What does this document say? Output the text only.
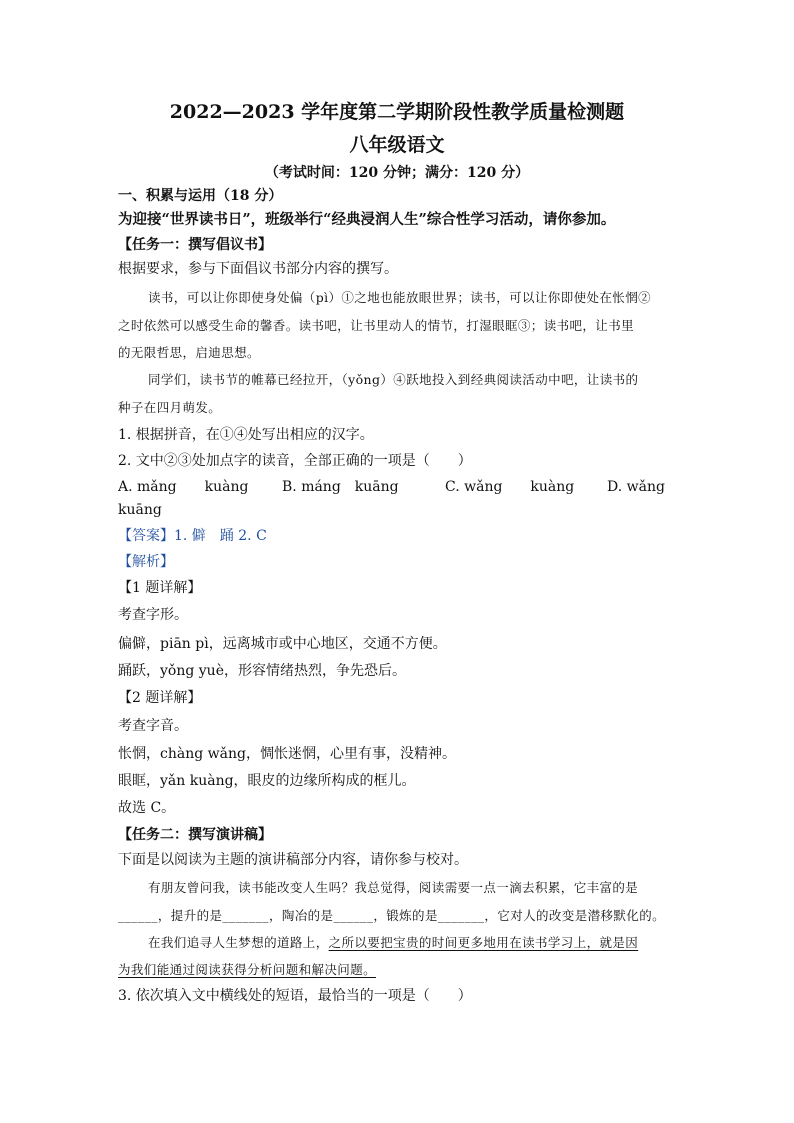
2022—2023 学年度第二学期阶段性教学质量检测题
八年级语文
（考试时间：120 分钟；满分：120 分）
一、积累与运用（18 分）
为迎接“世界读书日”，班级举行“经典浸润人生”综合性学习活动，请你参加。
【任务一：撰写倡议书】
根据要求，参与下面倡议书部分内容的撰写。
读书，可以让你即使身处偏（pì）①之地也能放眼世界；读书，可以让你即使处在怅惘②
之时依然可以感受生命的馨香。读书吧，让书里动人的情节，打湿眼眶③；读书吧，让书里
的无限哲思，启迪思想。
同学们，读书节的帷幕已经拉开，（yǒng）④跃地投入到经典阅读活动中吧，让读书的
种子在四月萌发。
1. 根据拼音，在①④处写出相应的汉字。
2. 文中②③处加点字的读音，全部正确的一项是（　　）
A. mǎng　　kuàng B. máng　kuāng	C. wǎng　　kuàng D. wǎng
kuāng
【答案】1. 僻　踊 2. C
【解析】
【1 题详解】
考查字形。
偏僻，piān pì，远离城市或中心地区，交通不方便。
踊跃，yǒng yuè，形容情绪热烈，争先恐后。
【2 题详解】
考查字音。
怅惘，chàng wǎng，惆怅迷惘，心里有事，没精神。
眼眶，yǎn kuàng，眼皮的边缘所构成的框儿。
故选 C。
【任务二：撰写演讲稿】
下面是以阅读为主题的演讲稿部分内容，请你参与校对。
有朋友曾问我，读书能改变人生吗？我总觉得，阅读需要一点一滴去积累，它丰富的是
______，提升的是_______，陶冶的是______，锻炼的是_______，它对人的改变是潜移默化的。
在我们追寻人生梦想的道路上，之所以要把宝贵的时间更多地用在读书学习上，就是因
为我们能通过阅读获得分析问题和解决问题。
3. 依次填入文中横线处的短语，最恰当的一项是（　　）
